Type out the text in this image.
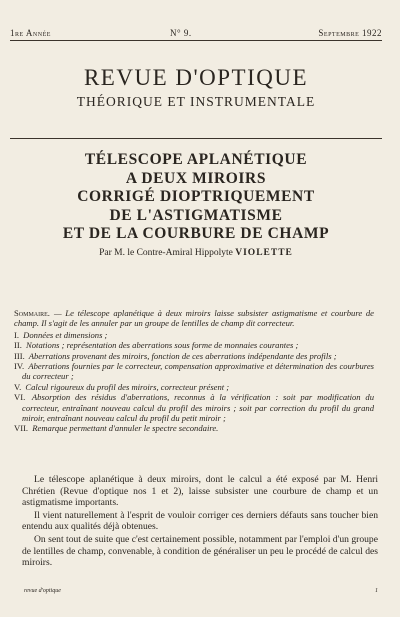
1re Année	N° 9.	Septembre 1922
REVUE D'OPTIQUE
THÉORIQUE ET INSTRUMENTALE
TÉLESCOPE APLANÉTIQUE
A DEUX MIROIRS
CORRIGÉ DIOPTRIQUEMENT
DE L'ASTIGMATISME
ET DE LA COURBURE DE CHAMP
Par M. le Contre-Amiral Hippolyte VIOLETTE

Sommaire. — Le télescope aplanétique à deux miroirs laisse subsister astigmatisme et courbure de champ. Il s'agit de les annuler par un groupe de lentilles de champ dit correcteur.

I. Données et dimensions ;
II. Notations ; représentation des aberrations sous forme de monnaies courantes ;
III. Aberrations provenant des miroirs, fonction de ces aberrations indépendante des profils ;
IV. Aberrations fournies par le correcteur, compensation approximative et détermination des courbures du correcteur ;
V. Calcul rigoureux du profil des miroirs, correcteur présent ;
VI. Absorption des résidus d'aberrations, reconnus à la vérification : soit par modification du correcteur, entraînant nouveau calcul du profil des miroirs ; soit par correction du profil du grand miroir, entraînant nouveau calcul du profil du petit miroir ;
VII. Remarque permettant d'annuler le spectre secondaire.

Le télescope aplanétique à deux miroirs, dont le calcul a été exposé par M. Henri Chrétien (Revue d'optique nos 1 et 2), laisse subsister une courbure de champ et un astigmatisme importants.

Il vient naturellement à l'esprit de vouloir corriger ces derniers défauts sans toucher bien entendu aux qualités déjà obtenues.

On sent tout de suite que c'est certainement possible, notamment par l'emploi d'un groupe de lentilles de champ, convenable, à condition de généraliser un peu le procédé de calcul des miroirs.

revue d'optique	1
